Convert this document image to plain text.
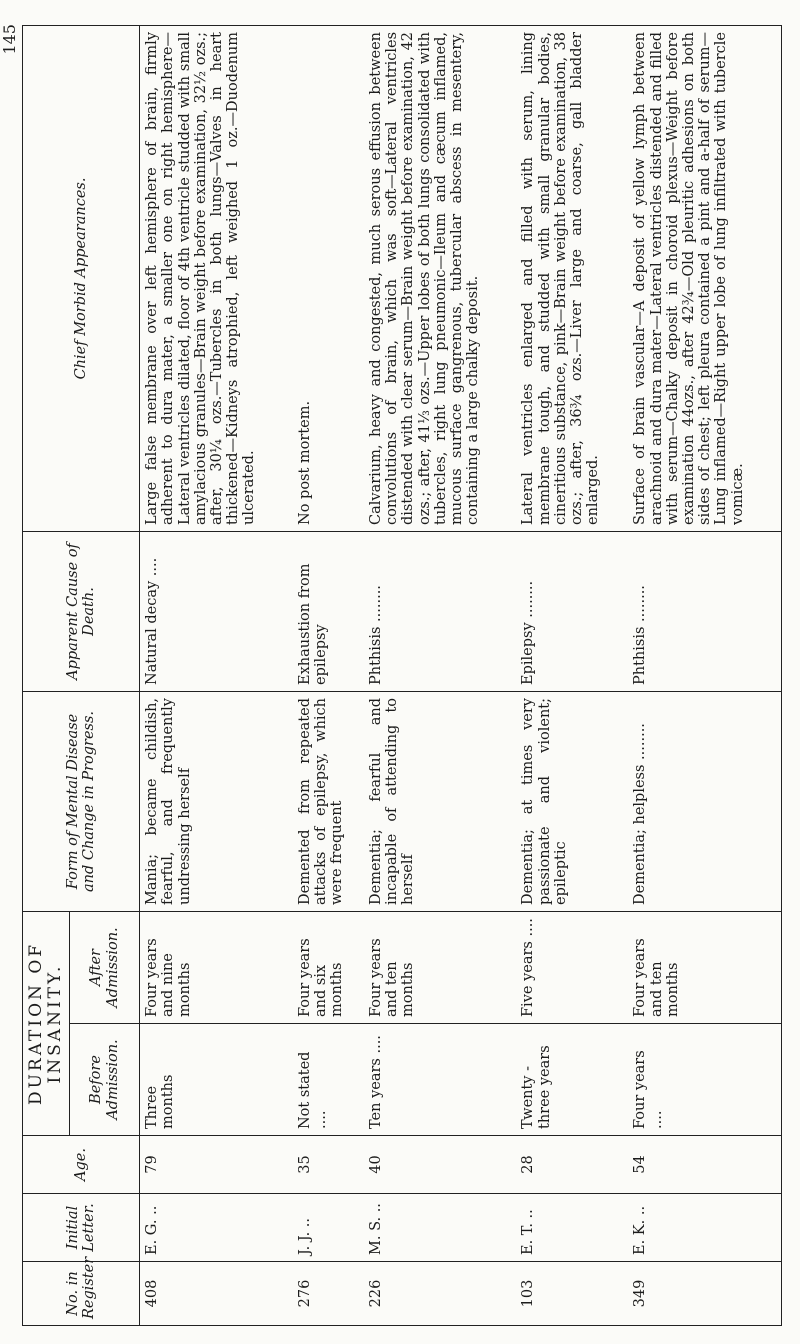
145
No. in Register	Initial Letter.	Age.	DURATION OF INSANITY.		Form of Mental Disease and Change in Progress.	Apparent Cause of Death.	Chief Morbid Appearances.
			Before Admission.	After Admission.			
408	E. G. ..	79	Three months	Four years and nine months	Mania; became childish, fearful, and frequently undressing herself	Natural decay ....	Large false membrane over left hemisphere of brain, firmly adherent to dura mater, a smaller one on right hemisphere—Lateral ventricles dilated, floor of 4th ventricle studded with small amylacious granules—Brain weight before examination, 32½ ozs.; after, 30¼ ozs.—Tubercles in both lungs—Valves in heart thickened—Kidneys atrophied, left weighed 1 oz.—Duodenum ulcerated.
276	J. J. ..	35	Not stated ....	Four years and six months	Demented from repeated attacks of epilepsy, which were frequent	Exhaustion from epilepsy	No post mortem.
226	M. S. ..	40	Ten years ....	Four years and ten months	Dementia; fearful and incapable of attending to herself	Phthisis ........	Calvarium, heavy and congested, much serous effusion between convolutions of brain, which was soft—Lateral ventricles distended with clear serum—Brain weight before examination, 42 ozs.; after, 41⅓ ozs.—Upper lobes of both lungs consolidated with tubercles, right lung pneumonic—Ileum and cæcum inflamed, mucous surface gangrenous, tubercular abscess in mesentery, containing a large chalky deposit.
103	E. T. ..	28	Twenty - three years	Five years ....	Dementia; at times very passionate and violent; epileptic	Epilepsy ........	Lateral ventricles enlarged and filled with serum, lining membrane tough, and studded with small granular bodies, cineritious substance, pink—Brain weight before examination, 38 ozs.; after, 36¾ ozs.—Liver large and coarse, gall bladder enlarged.
349	E. K. ..	54	Four years ....	Four years and ten months	Dementia; helpless ........	Phthisis ........	Surface of brain vascular—A deposit of yellow lymph between arachnoid and dura mater—Lateral ventricles distended and filled with serum—Chalky deposit in choroid plexus—Weight before examination 44ozs., after 42¾—Old pleuritic adhesions on both sides of chest; left pleura contained a pint and a-half of serum—Lung inflamed—Right upper lobe of lung infiltrated with tubercle vomicæ.
